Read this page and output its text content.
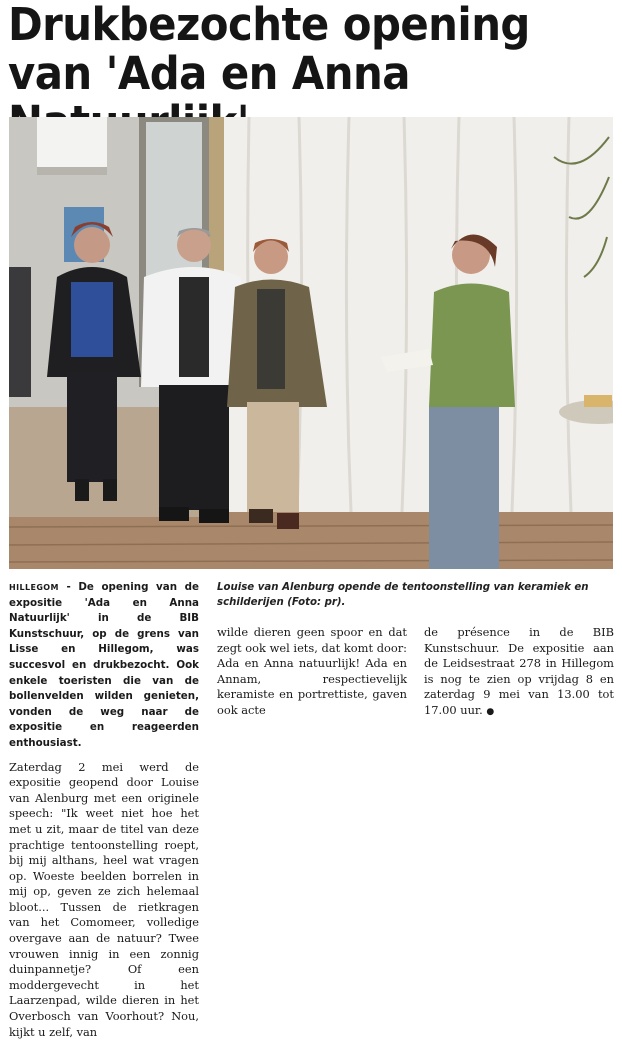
Drukbezochte opening van 'Ada en Anna
Louise van Alenburg opende de tentoonstelling van keramiek en schilderijen (Foto: pr).

HILLEGOM - De opening van de expositie 'Ada en Anna Natuurlijk' in de BIB Kunstschuur, op de grens van Lisse en Hillegom, was succesvol en drukbezocht. Ook enkele toeristen die van de bollenvelden wilden genieten, vonden de weg naar de expositie en reageerden enthousiast.

Zaterdag 2 mei werd de expositie geopend door Louise van Alenburg met een originele speech: "Ik weet niet hoe het met u zit, maar de titel van deze prachtige tentoonstelling roept, bij mij althans, heel wat vragen op. Woeste beelden borrelen in mij op, geven ze zich helemaal bloot... Tussen de rietkragen van het Comomeer, volledige overgave aan de natuur? Twee vrouwen innig in een zonnig duinpannetje? Of een moddergevecht in het Laarzenpad, wilde dieren in het Overbosch van Voorhout? Nou, kijkt u zelf, van

wilde dieren geen spoor en dat zegt ook wel iets, dat komt door: Ada en Anna natuurlijk! Ada en Annam, respectievelijk keramiste en portrettiste, gaven ook acte

de présence in de BIB Kunstschuur. De expositie aan de Leidsestraat 278 in Hillegom is nog te zien op vrijdag 8 en zaterdag 9 mei van 13.00 tot 17.00 uur. ●
